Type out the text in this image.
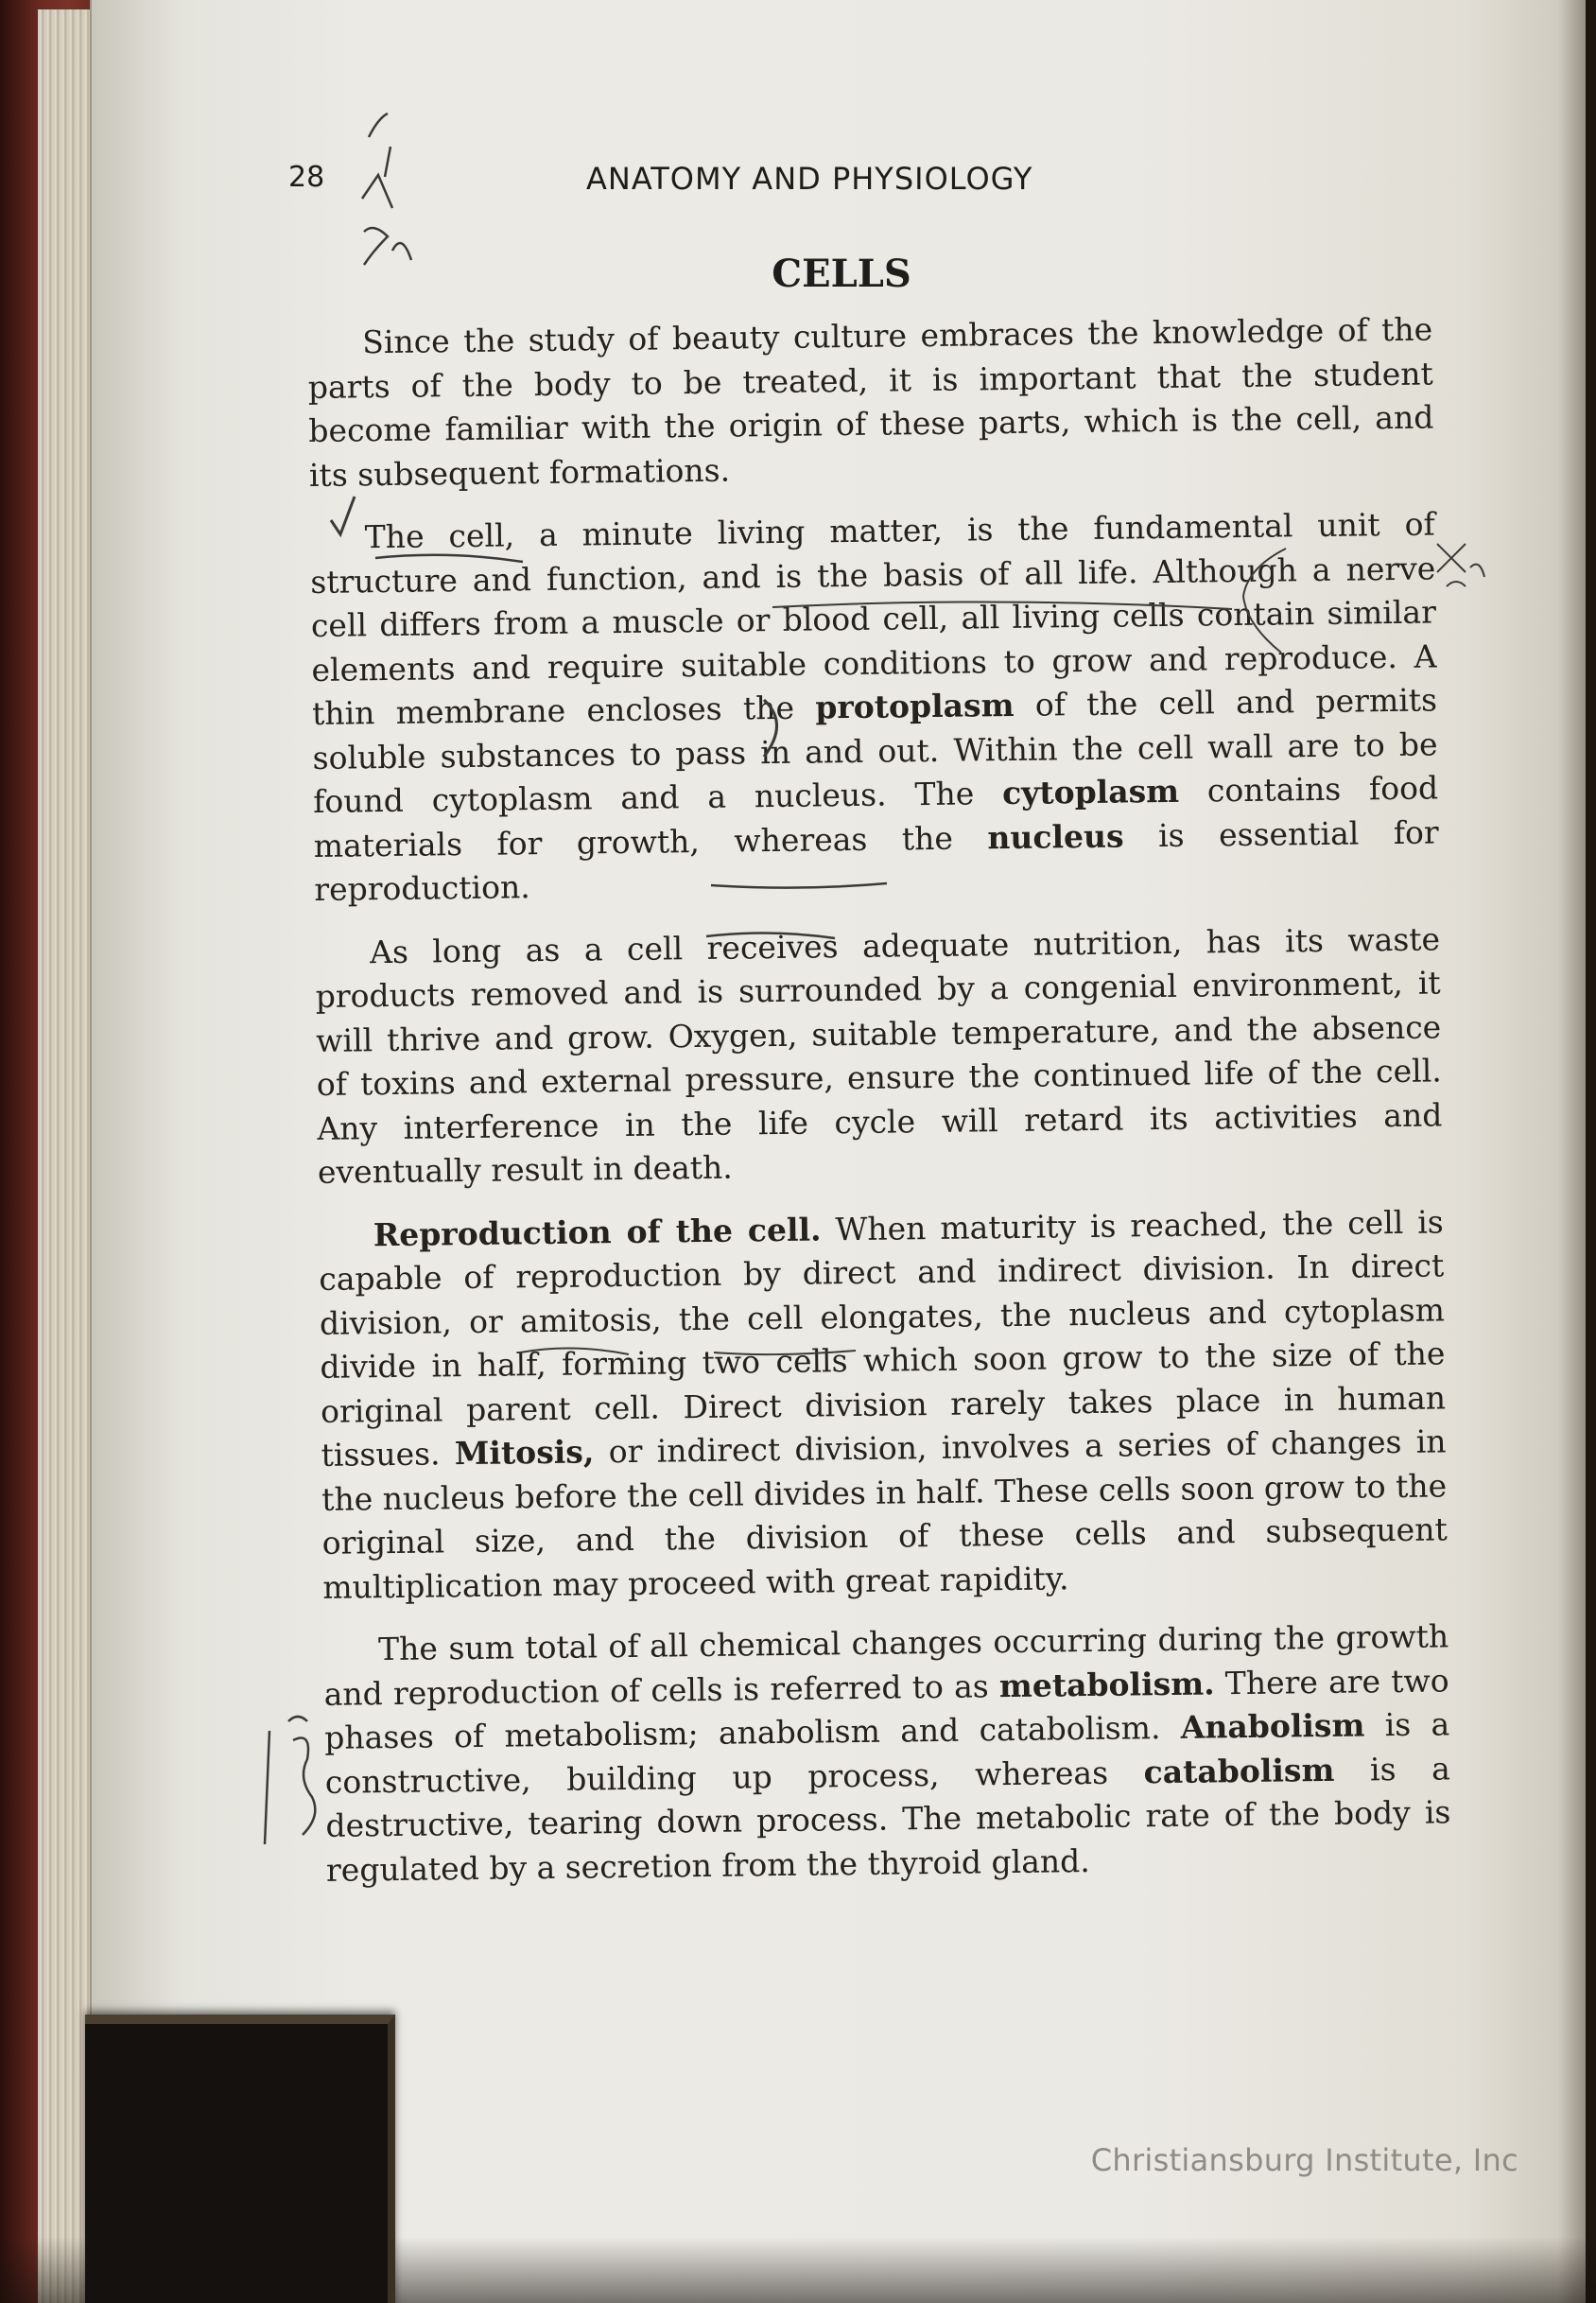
28	ANATOMY AND PHYSIOLOGY
CELLS

Since the study of beauty culture embraces the knowledge of the parts of the body to be treated, it is important that the student become familiar with the origin of these parts, which is the cell, and its subsequent formations.

The cell, a minute living matter, is the fundamental unit of structure and function, and is the basis of all life. Although a nerve cell differs from a muscle or blood cell, all living cells contain similar elements and require suitable conditions to grow and reproduce. A thin membrane encloses the protoplasm of the cell and permits soluble substances to pass in and out. Within the cell wall are to be found cytoplasm and a nucleus. The cytoplasm contains food materials for growth, whereas the nucleus is essential for reproduction.

As long as a cell receives adequate nutrition, has its waste products removed and is surrounded by a congenial environment, it will thrive and grow. Oxygen, suitable temperature, and the absence of toxins and external pressure, ensure the continued life of the cell. Any interference in the life cycle will retard its activities and eventually result in death.

Reproduction of the cell. When maturity is reached, the cell is capable of reproduction by direct and indirect division. In direct division, or amitosis, the cell elongates, the nucleus and cytoplasm divide in half, forming two cells which soon grow to the size of the original parent cell. Direct division rarely takes place in human tissues. Mitosis, or indirect division, involves a series of changes in the nucleus before the cell divides in half. These cells soon grow to the original size, and the division of these cells and subsequent multiplication may proceed with great rapidity.

The sum total of all chemical changes occurring during the growth and reproduction of cells is referred to as metabolism. There are two phases of metabolism; anabolism and catabolism. Anabolism is a constructive, building up process, whereas catabolism is a destructive, tearing down process. The metabolic rate of the body is regulated by a secretion from the thyroid gland.

Christiansburg Institute, Inc
